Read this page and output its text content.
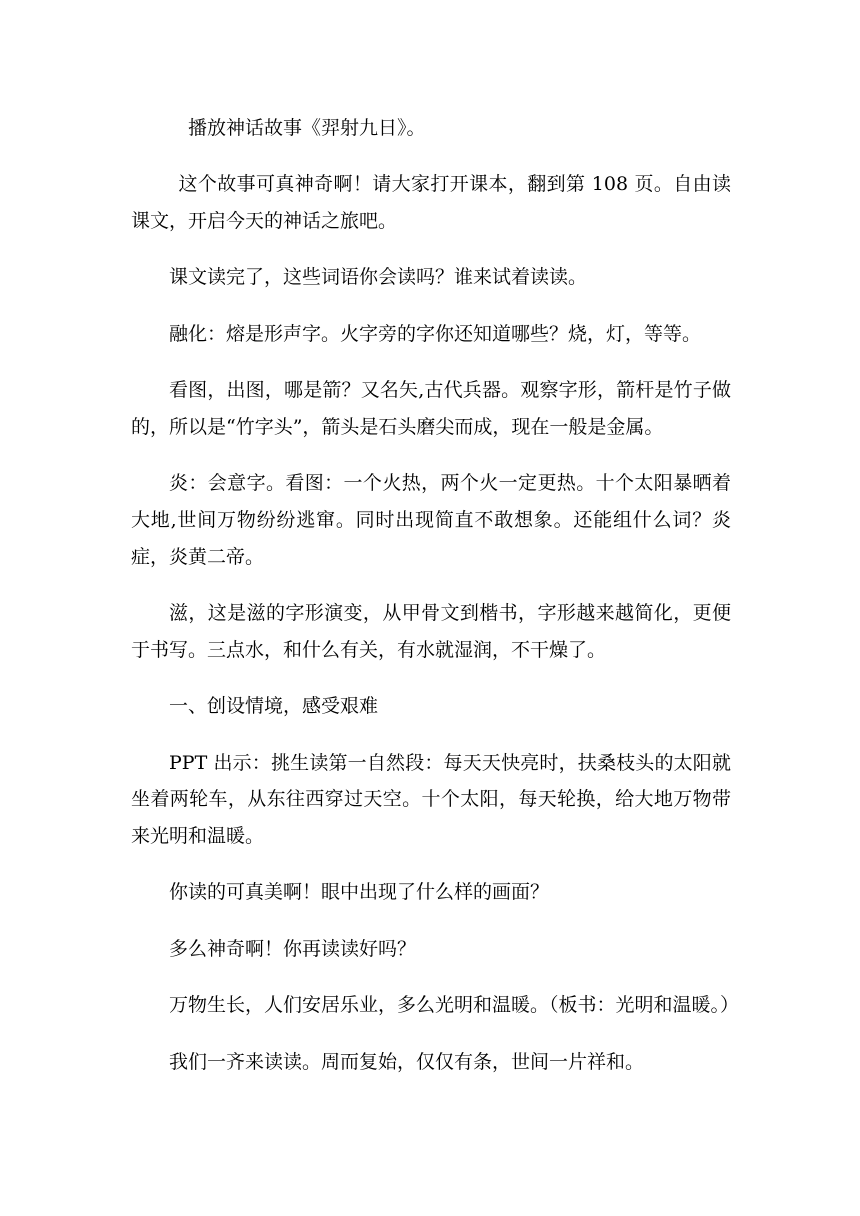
播放神话故事《羿射九日》。

这个故事可真神奇啊！请大家打开课本，翻到第 108 页。自由读课文，开启今天的神话之旅吧。

课文读完了，这些词语你会读吗？谁来试着读读。

融化：熔是形声字。火字旁的字你还知道哪些？烧，灯，等等。

看图，出图，哪是箭？又名矢,古代兵器。观察字形，箭杆是竹子做的，所以是“竹字头”，箭头是石头磨尖而成，现在一般是金属。

炎：会意字。看图：一个火热，两个火一定更热。十个太阳暴晒着大地,世间万物纷纷逃窜。同时出现简直不敢想象。还能组什么词？炎症，炎黄二帝。

滋，这是滋的字形演变，从甲骨文到楷书，字形越来越简化，更便于书写。三点水，和什么有关，有水就湿润，不干燥了。

一、创设情境，感受艰难

PPT 出示：挑生读第一自然段：每天天快亮时，扶桑枝头的太阳就坐着两轮车，从东往西穿过天空。十个太阳，每天轮换，给大地万物带来光明和温暖。

你读的可真美啊！眼中出现了什么样的画面？

多么神奇啊！你再读读好吗？

万物生长，人们安居乐业，多么光明和温暖。（板书：光明和温暖。）

我们一齐来读读。周而复始，仅仅有条，世间一片祥和。
